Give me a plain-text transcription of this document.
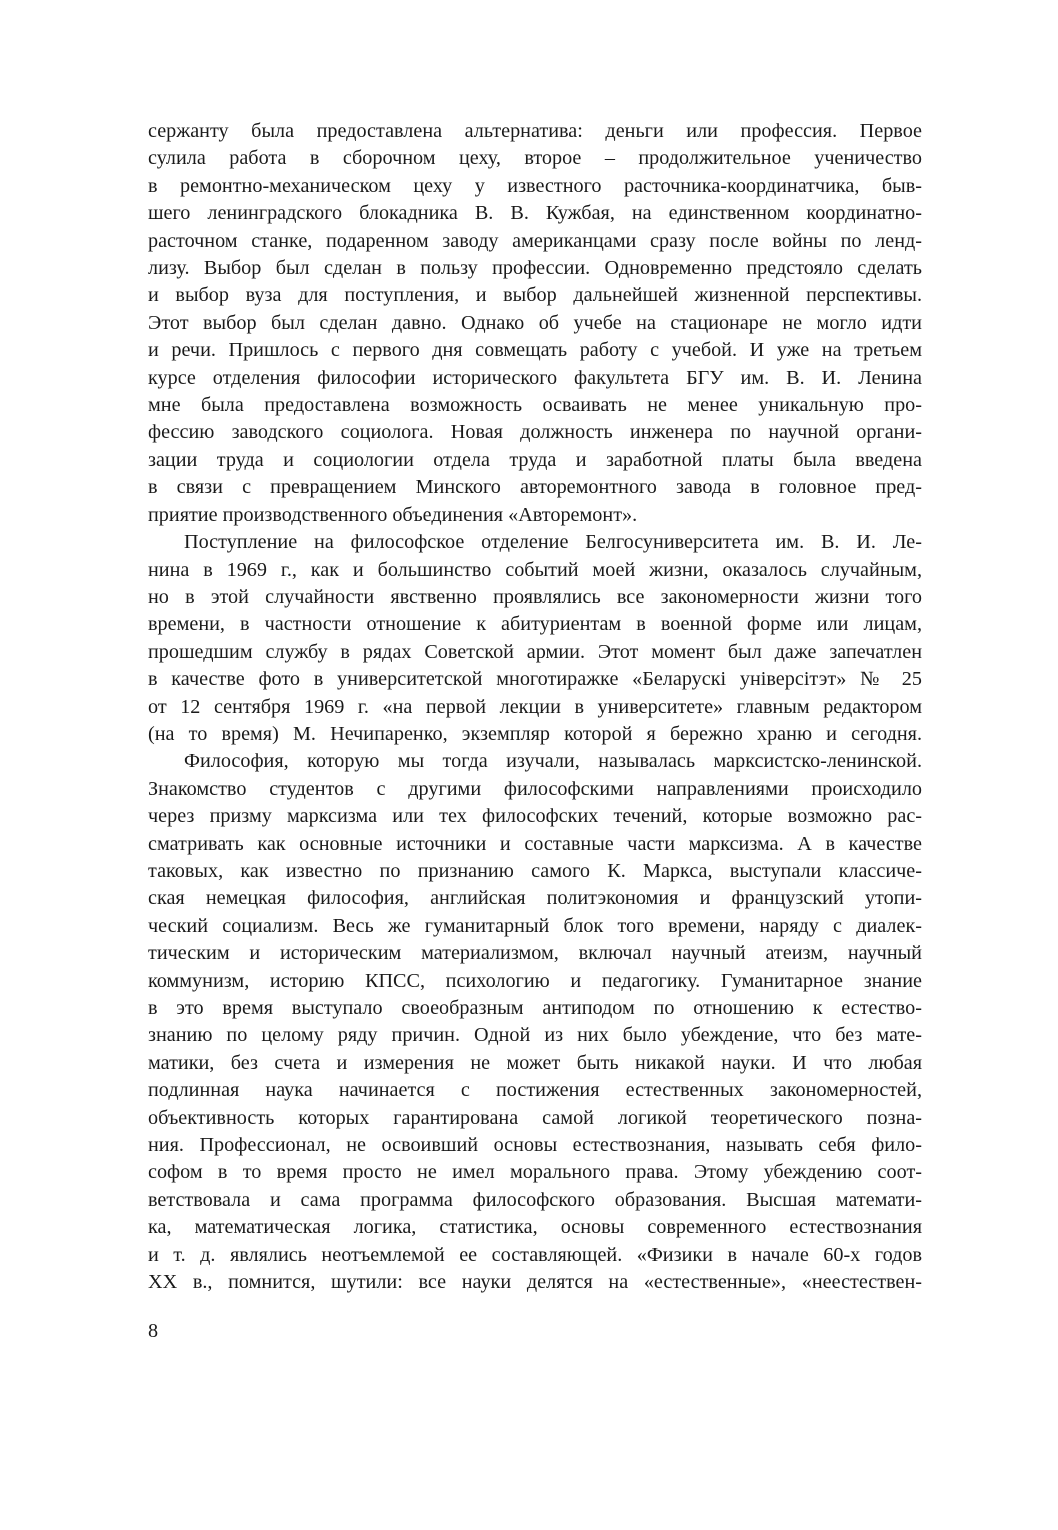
сержанту была предоставлена альтернатива: деньги или профессия. Первое
сулила работа в сборочном цеху, второе – продолжительное ученичество
в ремонтно-механическом цеху у известного расточника-координатчика, быв-
шего ленинградского блокадника В. В. Кужбая, на единственном координатно-
расточном станке, подаренном заводу американцами сразу после войны по ленд-
лизу. Выбор был сделан в пользу профессии. Одновременно предстояло сделать
и выбор вуза для поступления, и выбор дальнейшей жизненной перспективы.
Этот выбор был сделан давно. Однако об учебе на стационаре не могло идти
и речи. Пришлось с первого дня совмещать работу с учебой. И уже на третьем
курсе отделения философии исторического факультета БГУ им. В. И. Ленина
мне была предоставлена возможность осваивать не менее уникальную про-
фессию заводского социолога. Новая должность инженера по научной органи-
зации труда и социологии отдела труда и заработной платы была введена
в связи с превращением Минского авторемонтного завода в головное пред-
приятие производственного объединения «Авторемонт».
Поступление на философское отделение Белгосуниверситета им. В. И. Ле-
нина в 1969 г., как и большинство событий моей жизни, оказалось случайным,
но в этой случайности явственно проявлялись все закономерности жизни того
времени, в частности отношение к абитуриентам в военной форме или лицам,
прошедшим службу в рядах Советской армии. Этот момент был даже запечатлен
в качестве фото в университетской многотиражке «Беларускі універсітэт» № 25
от 12 сентября 1969 г. «на первой лекции в университете» главным редактором
(на то время) М. Нечипаренко, экземпляр которой я бережно храню и сегодня.
Философия, которую мы тогда изучали, называлась марксистско-ленинской.
Знакомство студентов с другими философскими направлениями происходило
через призму марксизма или тех философских течений, которые возможно рас-
сматривать как основные источники и составные части марксизма. А в качестве
таковых, как известно по признанию самого К. Маркса, выступали классиче-
ская немецкая философия, английская политэкономия и французский утопи-
ческий социализм. Весь же гуманитарный блок того времени, наряду с диалек-
тическим и историческим материализмом, включал научный атеизм, научный
коммунизм, историю КПСС, психологию и педагогику. Гуманитарное знание
в это время выступало своеобразным антиподом по отношению к естество-
знанию по целому ряду причин. Одной из них было убеждение, что без мате-
матики, без счета и измерения не может быть никакой науки. И что любая
подлинная наука начинается с постижения естественных закономерностей,
объективность которых гарантирована самой логикой теоретического позна-
ния. Профессионал, не освоивший основы естествознания, называть себя фило-
софом в то время просто не имел морального права. Этому убеждению соот-
ветствовала и сама программа философского образования. Высшая математи-
ка, математическая логика, статистика, основы современного естествознания
и т. д. являлись неотъемлемой ее составляющей. «Физики в начале 60-х годов
XX в., помнится, шутили: все науки делятся на «естественные», «неестествен-
8
